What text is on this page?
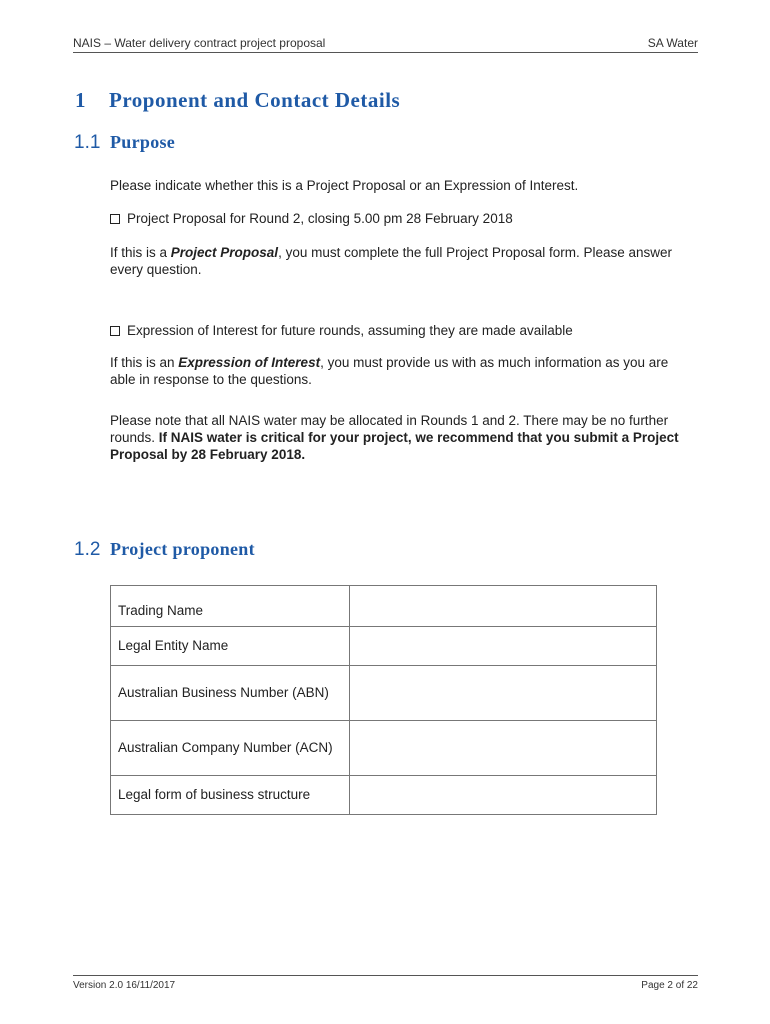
NAIS – Water delivery contract project proposal	SA Water
1 Proponent and Contact Details
1.1 Purpose
Please indicate whether this is a Project Proposal or an Expression of Interest.
Project Proposal for Round 2, closing 5.00 pm 28 February 2018
If this is a Project Proposal, you must complete the full Project Proposal form. Please answer every question.
Expression of Interest for future rounds, assuming they are made available
If this is an Expression of Interest, you must provide us with as much information as you are able in response to the questions.
Please note that all NAIS water may be allocated in Rounds 1 and 2. There may be no further rounds. If NAIS water is critical for your project, we recommend that you submit a Project Proposal by 28 February 2018.
1.2 Project proponent
Trading Name	
Legal Entity Name	
Australian Business Number (ABN)	
Australian Company Number (ACN)	
Legal form of business structure	
Version 2.0 16/11/2017	Page 2 of 22
